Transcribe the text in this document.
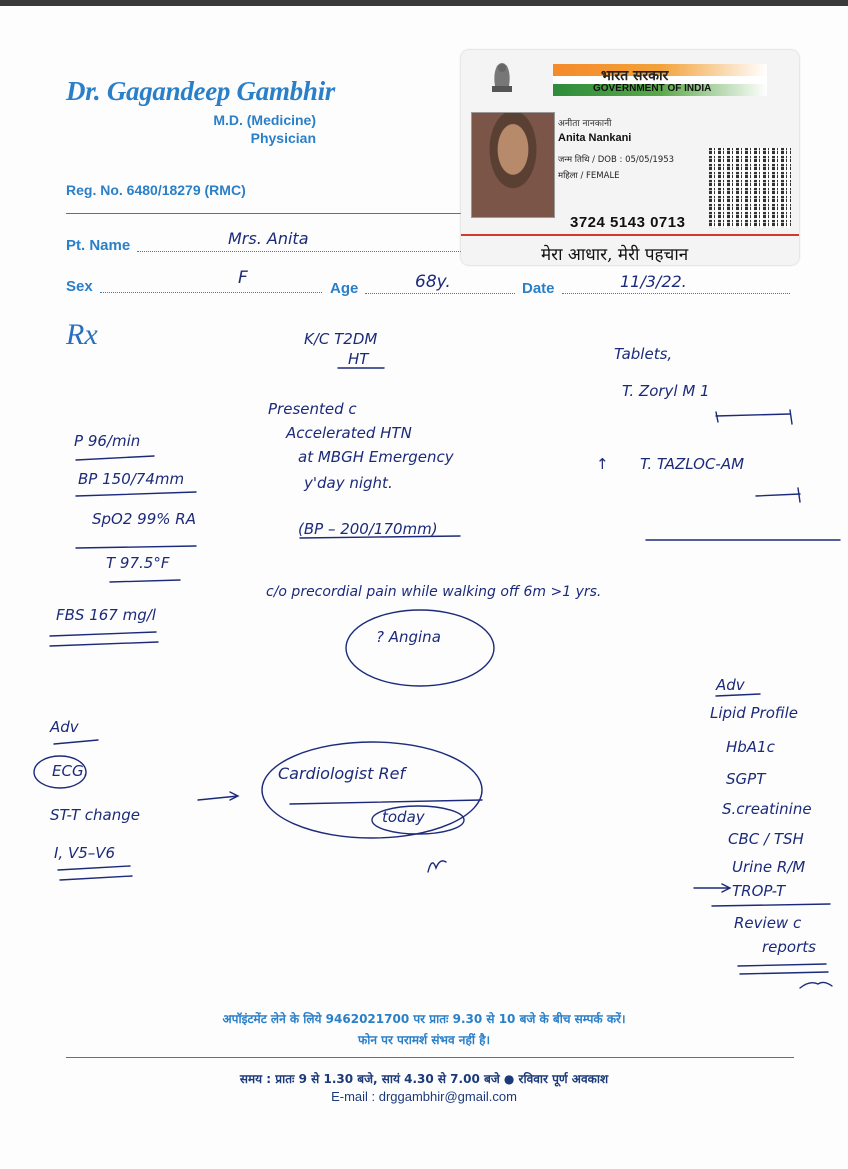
Dr. Gagandeep Gambhir
M.D. (Medicine)
Physician
Reg. No. 6480/18279 (RMC)
Pt. Name
Sex	Age	Date
Rx
Mrs. Anita
F	68y.	11/3/22.
भारत सरकार
GOVERNMENT OF INDIA
अनीता नानकानी
Anita Nankani
जन्म तिथि / DOB : 05/05/1953
महिला / FEMALE
3724 5143 0713
मेरा आधार, मेरी पहचान
K/C T2DM
HT
Presented c
Accelerated HTN
at MBGH Emergency
y'day night.
(BP – 200/170mm)
P 96/min
BP 150/74mm
SpO2 99% RA
T 97.5°F
FBS 167 mg/l
Tablets,
T. Zoryl M 1
T. TAZLOC-AM
↑
c/o precordial pain while walking off 6m >1 yrs.
? Angina
Adv
ECG.
ST-T change
I, V5–V6
Cardiologist Ref
today
Adv
Lipid Profile
HbA1c
SGPT
S.creatinine
CBC / TSH
Urine R/M
TROP-T
Review c
reports
अपॉइंटमेंट लेने के लिये 9462021700 पर प्रातः 9.30 से 10 बजे के बीच सम्पर्क करें।
फोन पर परामर्श संभव नहीं है।
समय : प्रातः 9 से 1.30 बजे, सायं 4.30 से 7.00 बजे ● रविवार पूर्ण अवकाश
E-mail : drggambhir@gmail.com
